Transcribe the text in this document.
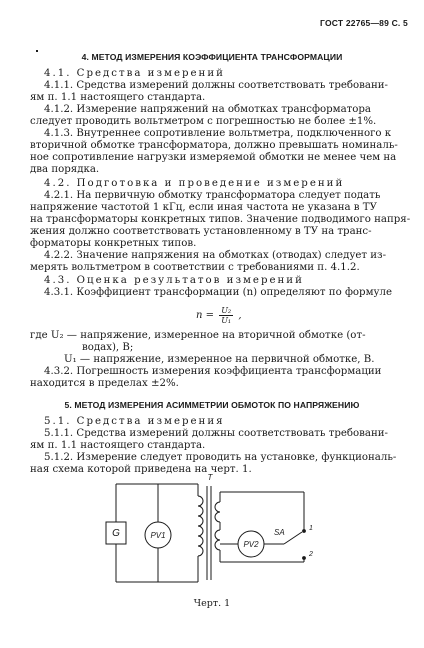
ГОСТ 22765—89 С. 5
4. МЕТОД ИЗМЕРЕНИЯ КОЭФФИЦИЕНТА ТРАНСФОРМАЦИИ
4.1. Средства измерений
4.1.1. Средства измерений должны соответствовать требовани-
ям п. 1.1 настоящего стандарта.
4.1.2. Измерение напряжений на обмотках трансформатора
следует проводить вольтметром с погрешностью не более ±1%.
4.1.3. Внутреннее сопротивление вольтметра, подключенного к
вторичной обмотке трансформатора, должно превышать номиналь-
ное сопротивление нагрузки измеряемой обмотки не менее чем на
два порядка.
4.2. Подготовка и проведение измерений
4.2.1. На первичную обмотку трансформатора следует подать
напряжение частотой 1 кГц, если иная частота не указана в ТУ
на трансформаторы конкретных типов. Значение подводимого напря-
жения должно соответствовать установленному в ТУ на транс-
форматоры конкретных типов.
4.2.2. Значение напряжения на обмотках (отводах) следует из-
мерять вольтметром в соответствии с требованиями п. 4.1.2.
4.3. Оценка результатов измерений
4.3.1. Коэффициент трансформации (n) определяют по формуле
$n = \frac{\text{U₂}}{\text{U₁}}$ ,
где U₂ — напряжение, измеренное на вторичной обмотке (от-
водах), В;
U₁ — напряжение, измеренное на первичной обмотке, В.
4.3.2. Погрешность измерения коэффициента трансформации
находится в пределах ±2%.
5. МЕТОД ИЗМЕРЕНИЯ АСИММЕТРИИ ОБМОТОК ПО НАПРЯЖЕНИЮ
5.1. Средства измерения
5.1.1. Средства измерений должны соответствовать требовани-
ям п. 1.1 настоящего стандарта.
5.1.2. Измерение следует проводить на установке, функциональ-
ная схема которой приведена на черт. 1.
G	PV1
PV2
SA
T
1
2
Черт. 1
